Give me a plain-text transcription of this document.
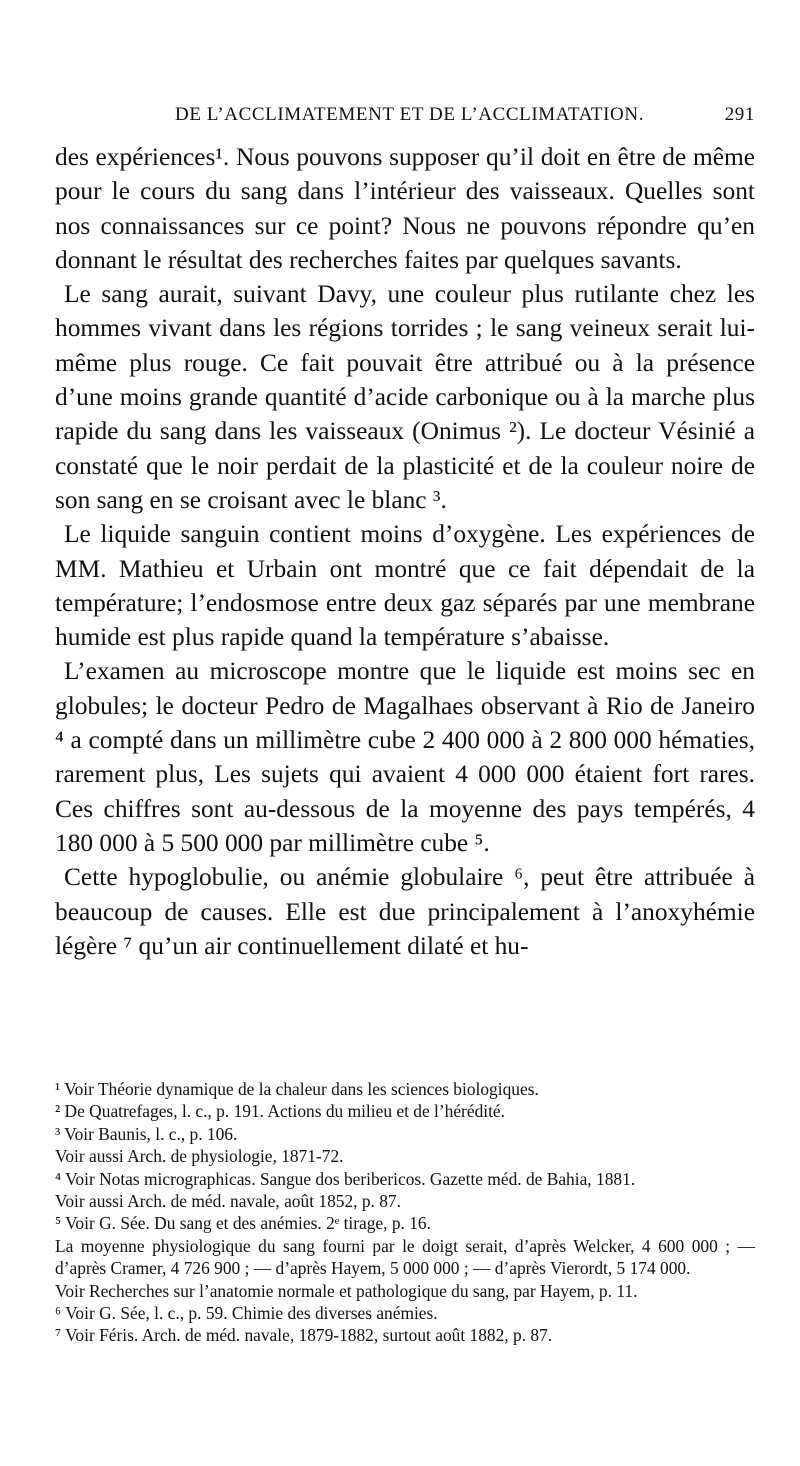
DE L’ACCLIMATEMENT ET DE L’ACCLIMATATION.	291

des expériences¹. Nous pouvons supposer qu’il doit en être de même pour le cours du sang dans l’intérieur des vaisseaux. Quelles sont nos connaissances sur ce point? Nous ne pouvons répondre qu’en donnant le résultat des recherches faites par quelques savants.

Le sang aurait, suivant Davy, une couleur plus rutilante chez les hommes vivant dans les régions torrides ; le sang veineux serait lui-même plus rouge. Ce fait pouvait être attribué ou à la présence d’une moins grande quantité d’acide carbonique ou à la marche plus rapide du sang dans les vaisseaux (Onimus ²). Le docteur Vésinié a constaté que le noir perdait de la plasticité et de la couleur noire de son sang en se croisant avec le blanc ³.

Le liquide sanguin contient moins d’oxygène. Les expériences de MM. Mathieu et Urbain ont montré que ce fait dépendait de la température; l’endosmose entre deux gaz séparés par une membrane humide est plus rapide quand la température s’abaisse.

L’examen au microscope montre que le liquide est moins sec en globules; le docteur Pedro de Magalhaes observant à Rio de Janeiro ⁴ a compté dans un millimètre cube 2 400 000 à 2 800 000 hématies, rarement plus, Les sujets qui avaient 4 000 000 étaient fort rares. Ces chiffres sont au-dessous de la moyenne des pays tempérés, 4 180 000 à 5 500 000 par millimètre cube ⁵.

Cette hypoglobulie, ou anémie globulaire ⁶, peut être attribuée à beaucoup de causes. Elle est due principalement à l’anoxyhémie légère ⁷ qu’un air continuellement dilaté et hu-

¹ Voir Théorie dynamique de la chaleur dans les sciences biologiques.

² De Quatrefages, l. c., p. 191. Actions du milieu et de l’hérédité.

³ Voir Baunis, l. c., p. 106.

Voir aussi Arch. de physiologie, 1871-72.

⁴ Voir Notas micrographicas. Sangue dos beribericos. Gazette méd. de Bahia, 1881.

Voir aussi Arch. de méd. navale, août 1852, p. 87.

⁵ Voir G. Sée. Du sang et des anémies. 2ᵉ tirage, p. 16.

La moyenne physiologique du sang fourni par le doigt serait, d’après Welcker, 4 600 000 ; — d’après Cramer, 4 726 900 ; — d’après Hayem, 5 000 000 ; — d’après Vierordt, 5 174 000.

Voir Recherches sur l’anatomie normale et pathologique du sang, par Hayem, p. 11.

⁶ Voir G. Sée, l. c., p. 59. Chimie des diverses anémies.

⁷ Voir Féris. Arch. de méd. navale, 1879-1882, surtout août 1882, p. 87.
